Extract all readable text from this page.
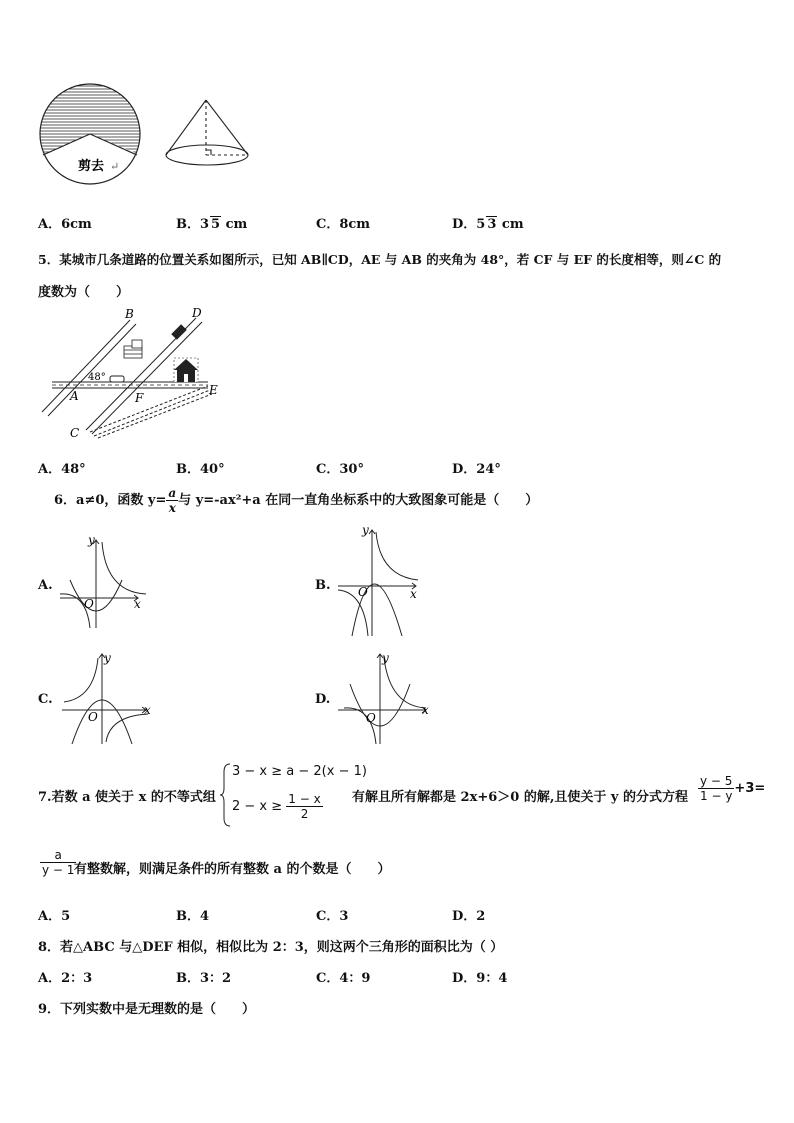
剪去 ↵
A．6cm	B．3 5 cm	C．8cm	D．5 3 cm
5．某城市几条道路的位置关系如图所示，已知 AB∥CD，AE 与 AB 的夹角为 48°，若 CF 与 EF 的长度相等，则∠C 的
度数为（　　）
B	D
A	E
F
C
48°
A．48°	B．40°	C．30°	D．24°
6．a≠0，函数 $y= \frac{a}{x}$ 与 y=-ax²+a 在同一直角坐标系中的大致图象可能是（　　）
A.
y
x
O
B.
y
x
O
C.
y
x
O
D.
y
x
O
7.若数 a 使关于 x 的不等式组
3 − x ≥ a − 2(x − 1)
$2 - x \ge \frac{1 - x}{2}$ 有解且所有解都是 2x+6＞0 的解,且使关于 y 的分式方程 $\frac{y - 5}{1 - y} +3=$
$\frac{a}{y - 1}$
有整数解，则满足条件的所有整数 a 的个数是（　　）
A．5	B．4	C．3	D．2
8．若△ABC 与△DEF 相似，相似比为 2：3，则这两个三角形的面积比为（ ）
A．2：3	B．3：2	C．4：9	D．9：4
9．下列实数中是无理数的是（　　）
